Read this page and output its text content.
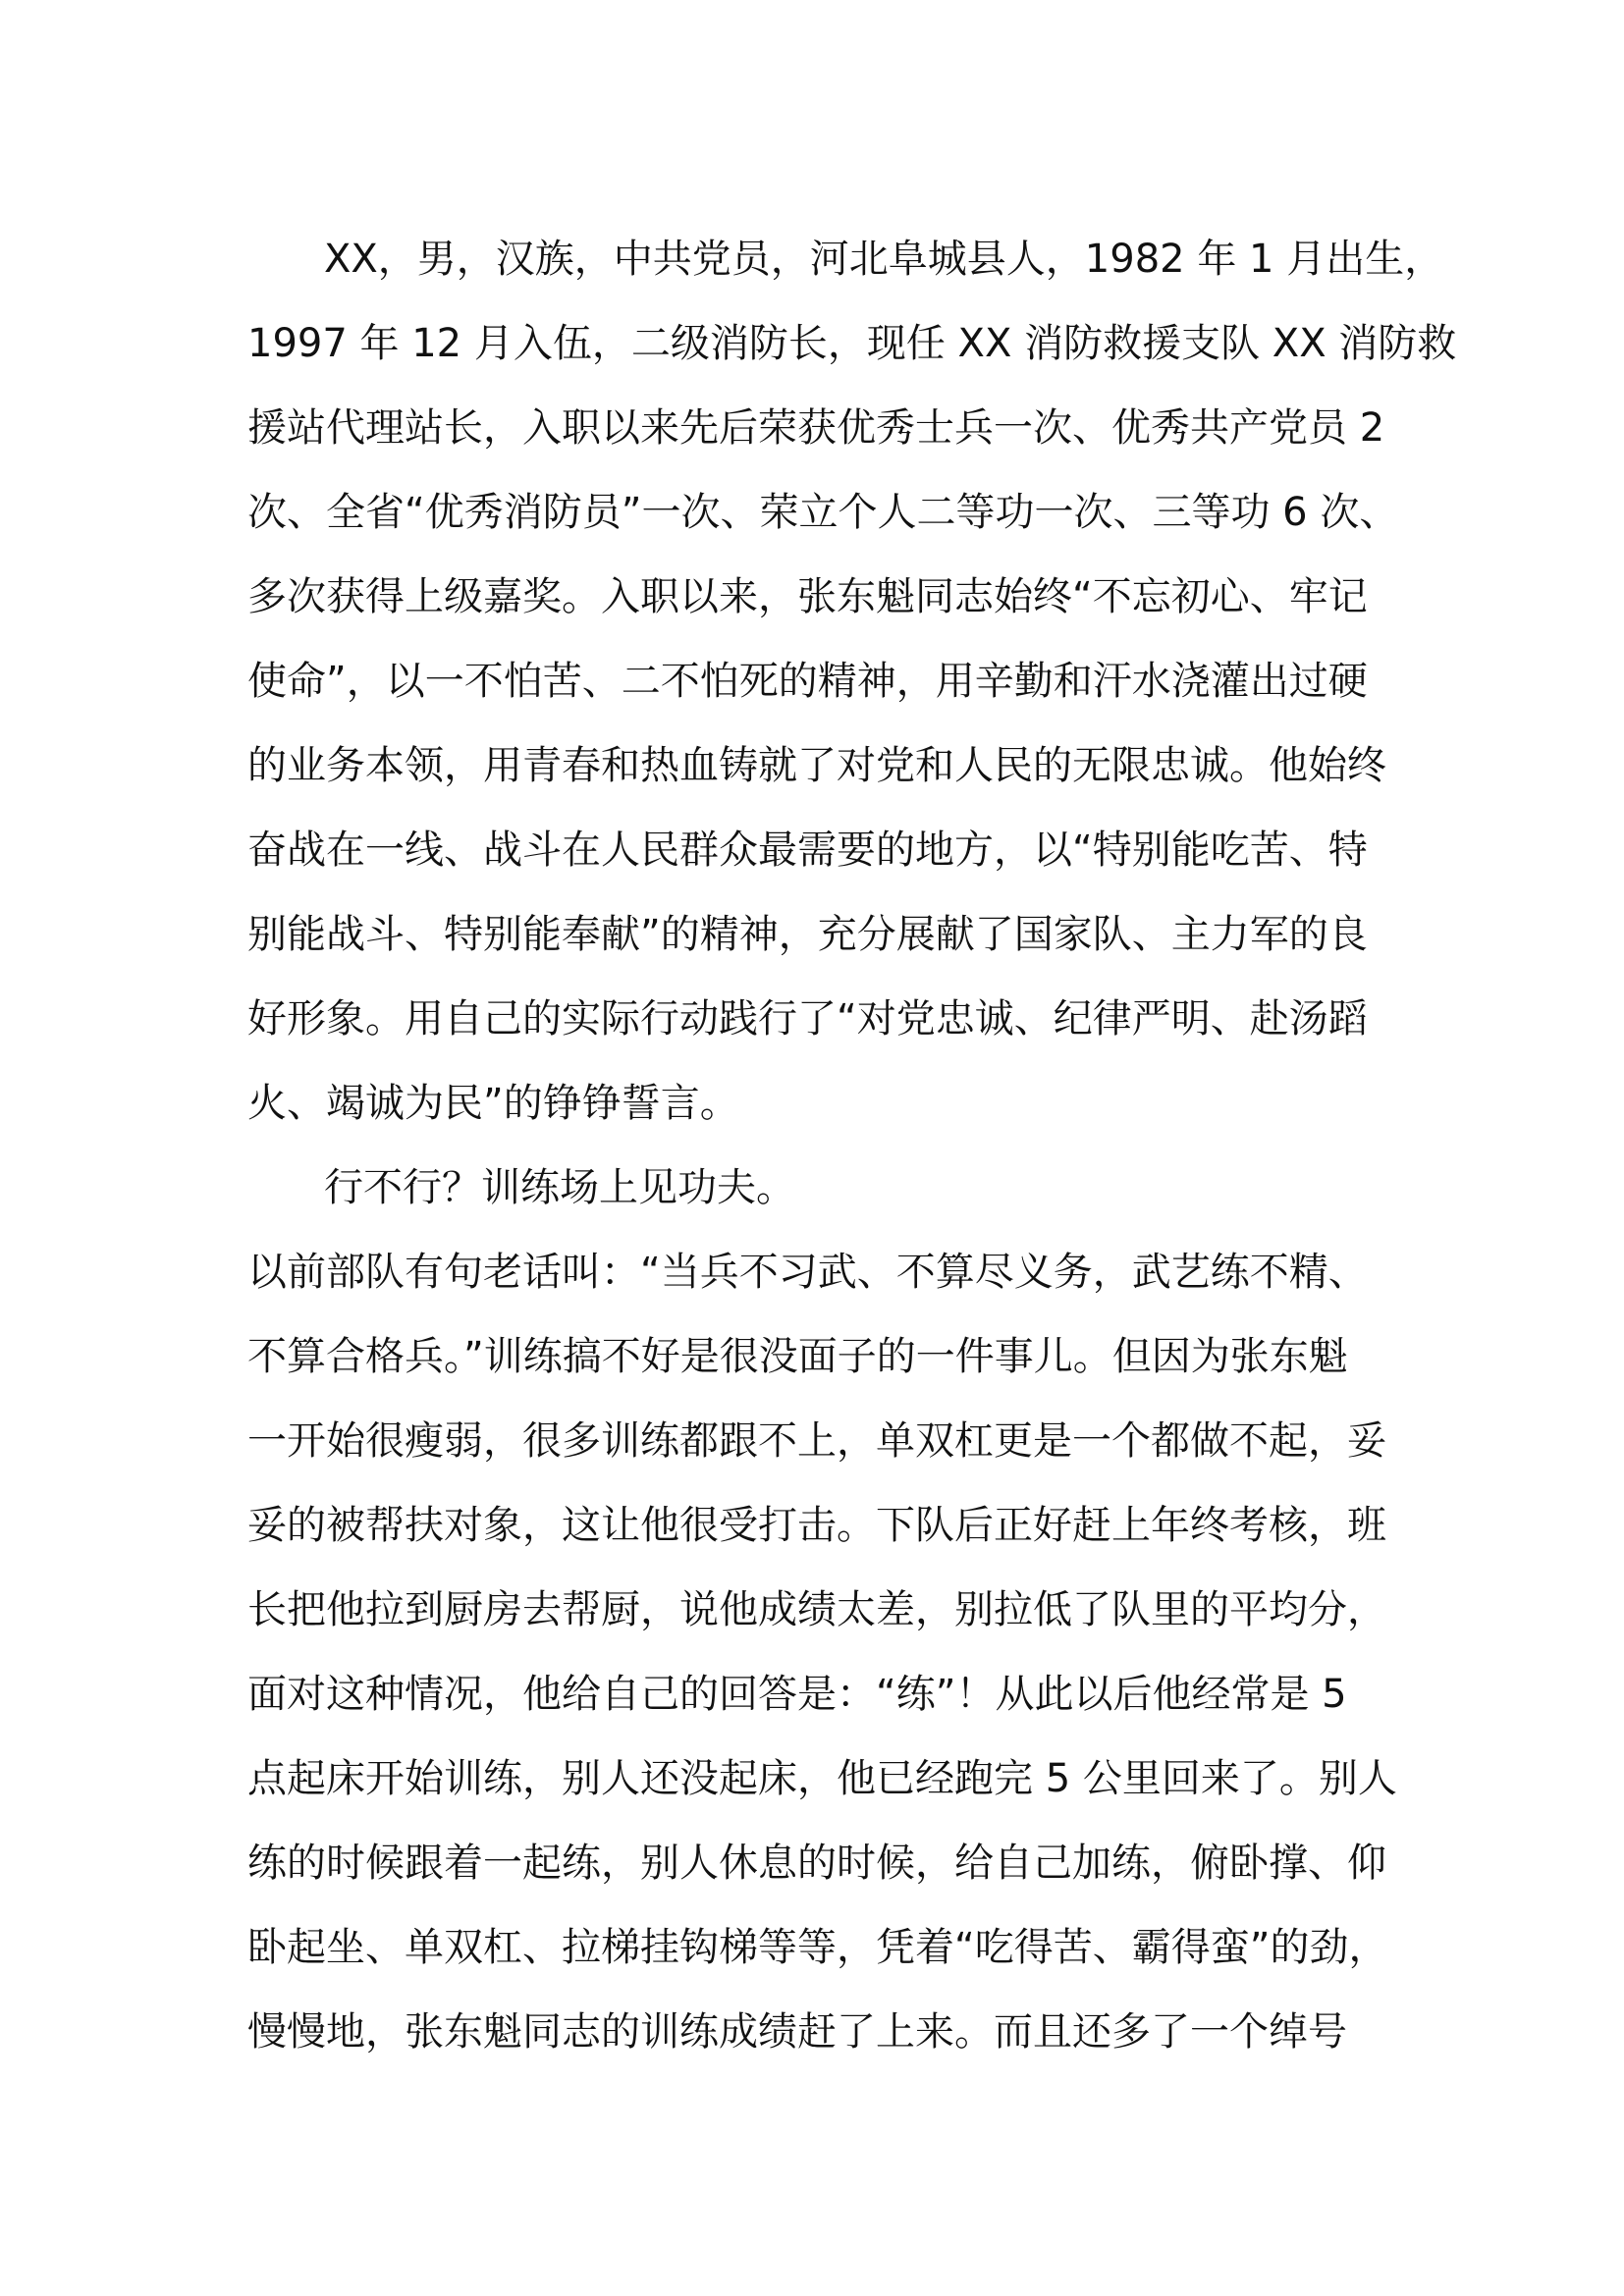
XX，男，汉族，中共党员，河北阜城县人，1982 年 1 月出生，
1997 年 12 月入伍，二级消防长，现任 XX 消防救援支队 XX 消防救
援站代理站长，入职以来先后荣获优秀士兵一次、优秀共产党员 2
次、全省“优秀消防员”一次、荣立个人二等功一次、三等功 6 次、
多次获得上级嘉奖。入职以来，张东魁同志始终“不忘初心、牢记
使命”，以一不怕苦、二不怕死的精神，用辛勤和汗水浇灌出过硬
的业务本领，用青春和热血铸就了对党和人民的无限忠诚。他始终
奋战在一线、战斗在人民群众最需要的地方，以“特别能吃苦、特
别能战斗、特别能奉献”的精神，充分展献了国家队、主力军的良
好形象。用自己的实际行动践行了“对党忠诚、纪律严明、赴汤蹈
火、竭诚为民”的铮铮誓言。
行不行？训练场上见功夫。
以前部队有句老话叫：“当兵不习武、不算尽义务，武艺练不精、
不算合格兵。”训练搞不好是很没面子的一件事儿。但因为张东魁
一开始很瘦弱，很多训练都跟不上，单双杠更是一个都做不起，妥
妥的被帮扶对象，这让他很受打击。下队后正好赶上年终考核，班
长把他拉到厨房去帮厨，说他成绩太差，别拉低了队里的平均分，
面对这种情况，他给自己的回答是：“练”！从此以后他经常是 5
点起床开始训练，别人还没起床，他已经跑完 5 公里回来了。别人
练的时候跟着一起练，别人休息的时候，给自己加练，俯卧撑、仰
卧起坐、单双杠、拉梯挂钩梯等等，凭着“吃得苦、霸得蛮”的劲，
慢慢地，张东魁同志的训练成绩赶了上来。而且还多了一个绰号
